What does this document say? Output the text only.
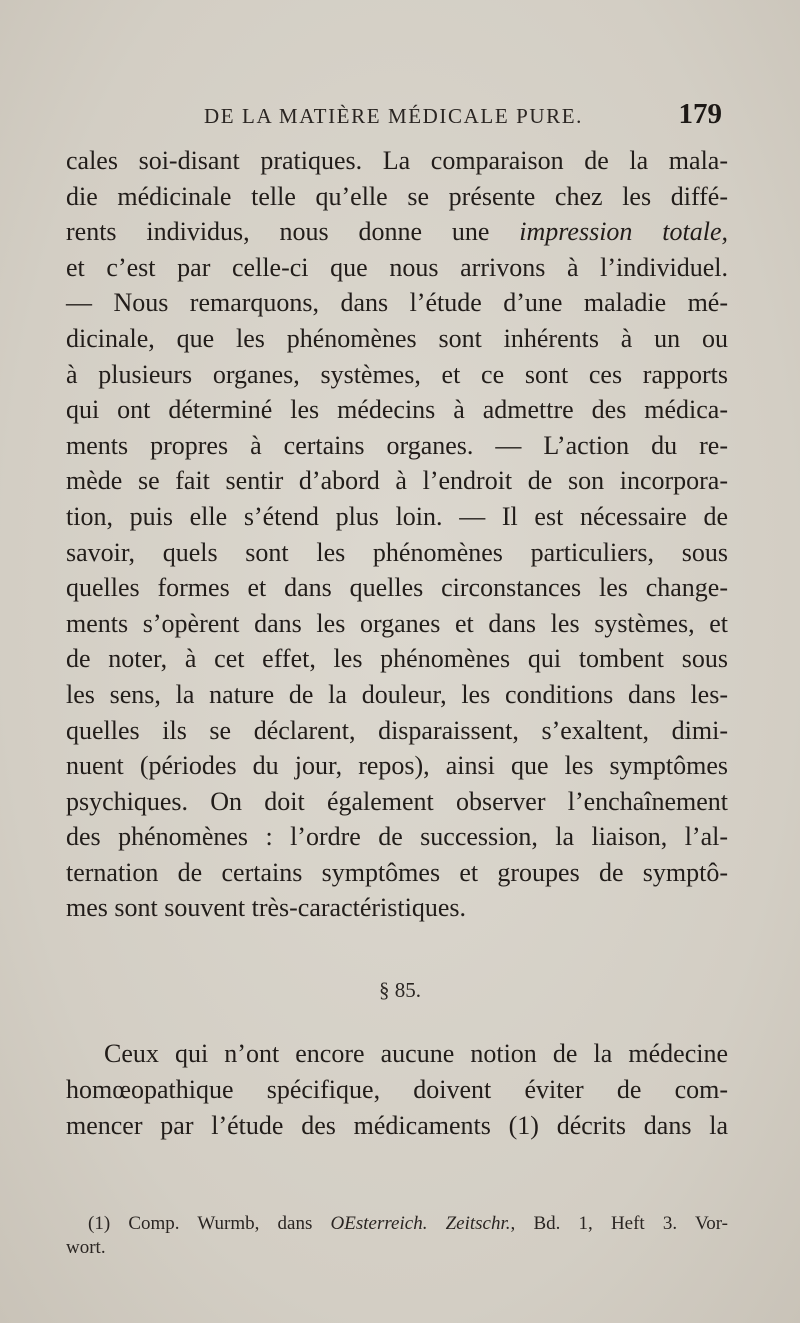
DE LA MATIÈRE MÉDICALE PURE.	179
cales soi-disant pratiques. La comparaison de la mala-
die médicinale telle qu’elle se présente chez les diffé-
rents individus, nous donne une impression totale,
et c’est par celle-ci que nous arrivons à l’individuel.
— Nous remarquons, dans l’étude d’une maladie mé-
dicinale, que les phénomènes sont inhérents à un ou
à plusieurs organes, systèmes, et ce sont ces rapports
qui ont déterminé les médecins à admettre des médica-
ments propres à certains organes. — L’action du re-
mède se fait sentir d’abord à l’endroit de son incorpora-
tion, puis elle s’étend plus loin. — Il est nécessaire de
savoir, quels sont les phénomènes particuliers, sous
quelles formes et dans quelles circonstances les change-
ments s’opèrent dans les organes et dans les systèmes, et
de noter, à cet effet, les phénomènes qui tombent sous
les sens, la nature de la douleur, les conditions dans les-
quelles ils se déclarent, disparaissent, s’exaltent, dimi-
nuent (périodes du jour, repos), ainsi que les symptômes
psychiques. On doit également observer l’enchaînement
des phénomènes : l’ordre de succession, la liaison, l’al-
ternation de certains symptômes et groupes de symptô-
mes sont souvent très-caractéristiques.
§ 85.
Ceux qui n’ont encore aucune notion de la médecine
homœopathique spécifique, doivent éviter de com-
mencer par l’étude des médicaments (1) décrits dans la
(1) Comp. Wurmb, dans OEsterreich. Zeitschr., Bd. 1, Heft 3. Vor-
wort.
